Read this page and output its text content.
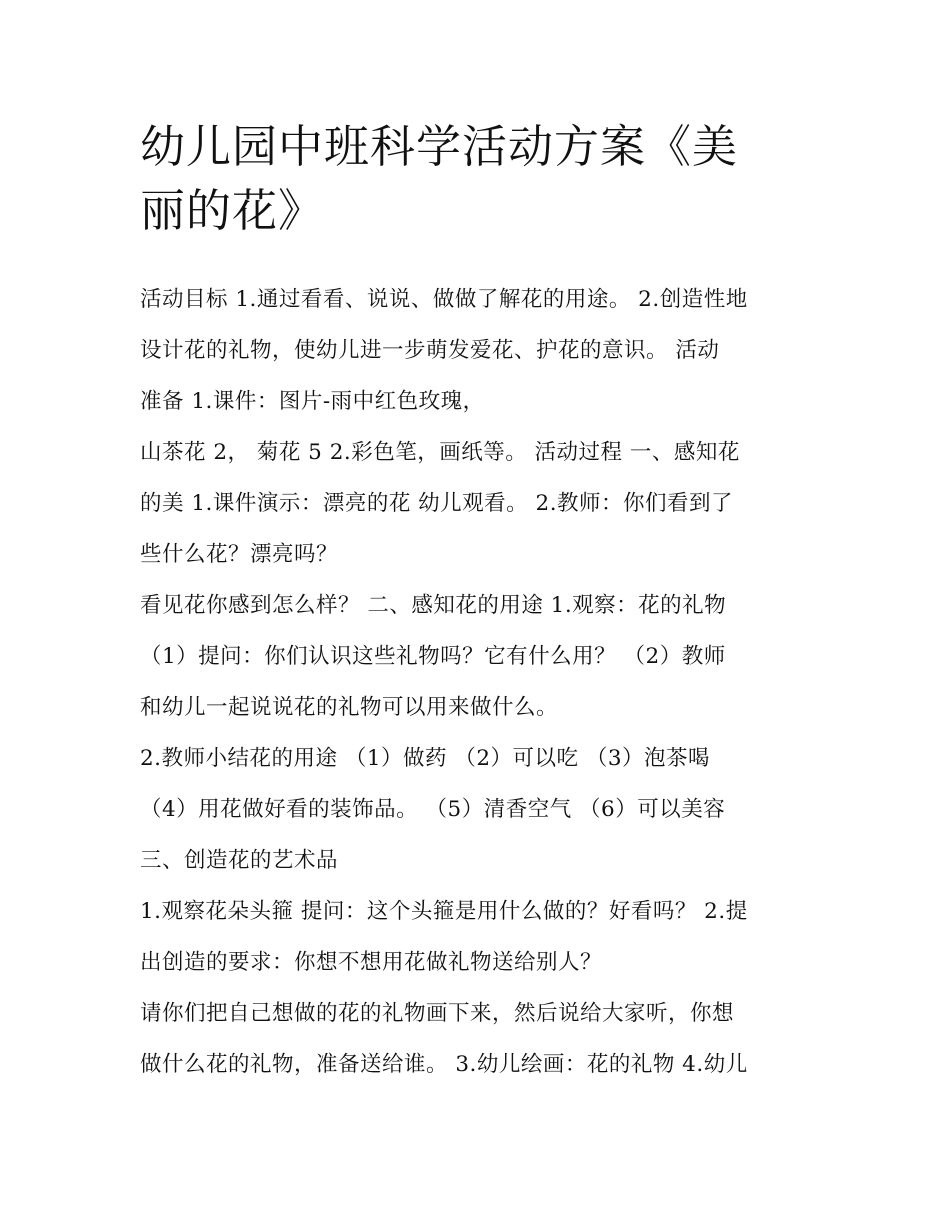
幼儿园中班科学活动方案《美
丽的花》
活动目标 1.通过看看、说说、做做了解花的用途。 2.创造性地
设计花的礼物，使幼儿进一步萌发爱花、护花的意识。 活动
准备 1.课件：图片-雨中红色玫瑰，
山茶花 2， 菊花 5 2.彩色笔，画纸等。 活动过程 一、感知花
的美 1.课件演示：漂亮的花 幼儿观看。 2.教师：你们看到了
些什么花？漂亮吗？
看见花你感到怎么样？ 二、感知花的用途 1.观察：花的礼物
（1）提问：你们认识这些礼物吗？它有什么用？ （2）教师
和幼儿一起说说花的礼物可以用来做什么。
2.教师小结花的用途 （1）做药 （2）可以吃 （3）泡茶喝
（4）用花做好看的装饰品。 （5）清香空气 （6）可以美容
三、创造花的艺术品
1.观察花朵头箍 提问：这个头箍是用什么做的？好看吗？ 2.提
出创造的要求：你想不想用花做礼物送给别人？
请你们把自己想做的花的礼物画下来，然后说给大家听，你想
做什么花的礼物，准备送给谁。 3.幼儿绘画：花的礼物 4.幼儿
